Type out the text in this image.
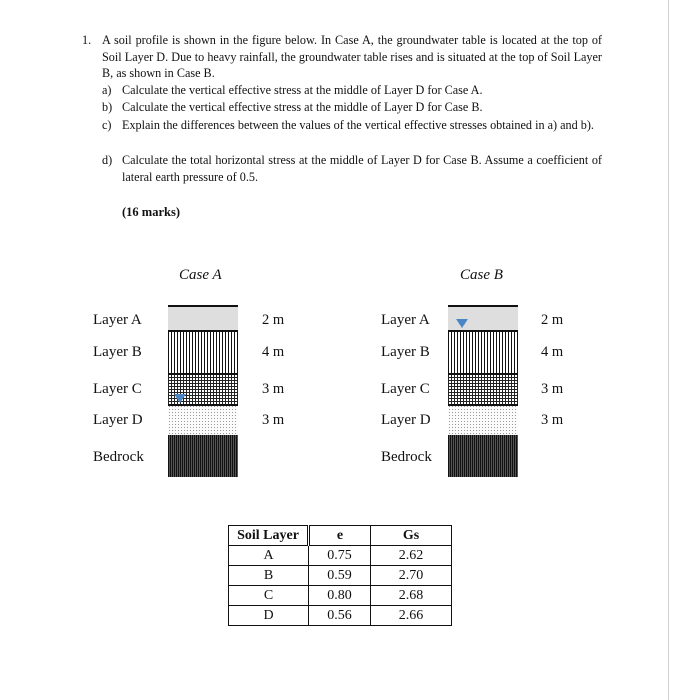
1. A soil profile is shown in the figure below. In Case A, the groundwater table is located at the top of Soil Layer D. Due to heavy rainfall, the groundwater table rises and is situated at the top of Soil Layer B, as shown in Case B.
a) Calculate the vertical effective stress at the middle of Layer D for Case A.
b) Calculate the vertical effective stress at the middle of Layer D for Case B.
c) Explain the differences between the values of the vertical effective stresses obtained in a) and b).
d) Calculate the total horizontal stress at the middle of Layer D for Case B. Assume a coefficient of lateral earth pressure of 0.5.
(16 marks)
Case A	Case B
Layer A
Layer B
Layer C
Layer D
Bedrock
2 m
4 m
3 m
3 m
Layer A
Layer B
Layer C
Layer D
Bedrock
2 m
4 m
3 m
3 m
Soil Layer	e	Gs
A	0.75	2.62
B	0.59	2.70
C	0.80	2.68
D	0.56	2.66
